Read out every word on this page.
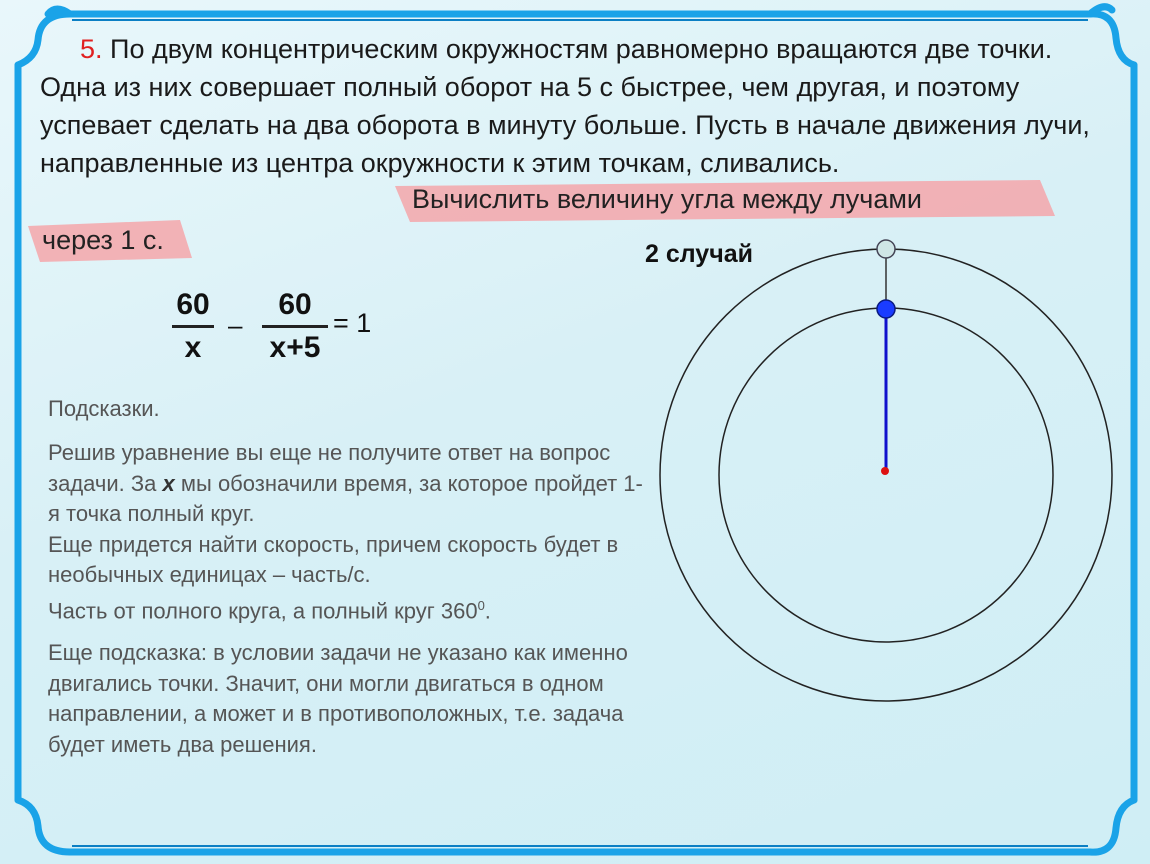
5. По двум концентрическим окружностям равномерно вращаются две точки. Одна из них совершает полный оборот на 5 с быстрее, чем другая, и поэтому успевает сделать на два оборота в минуту больше. Пусть в начале движения лучи, направленные из центра окружности к этим точкам, сливались.
Вычислить величину угла между лучами
через 1 с.
60
х
–
60
х+5
= 1
Подсказки.
Решив уравнение вы еще не получите ответ на вопрос задачи. За х мы обозначили время, за которое пройдет 1-я точка полный круг.
Еще придется найти скорость, причем скорость будет в необычных единицах – часть/с.
Часть от полного круга, а полный круг $360^0$.
Еще подсказка: в условии задачи не указано как именно двигались точки. Значит, они могли двигаться в одном направлении, а может и в противоположных, т.е. задача будет иметь два решения.
2 случай
